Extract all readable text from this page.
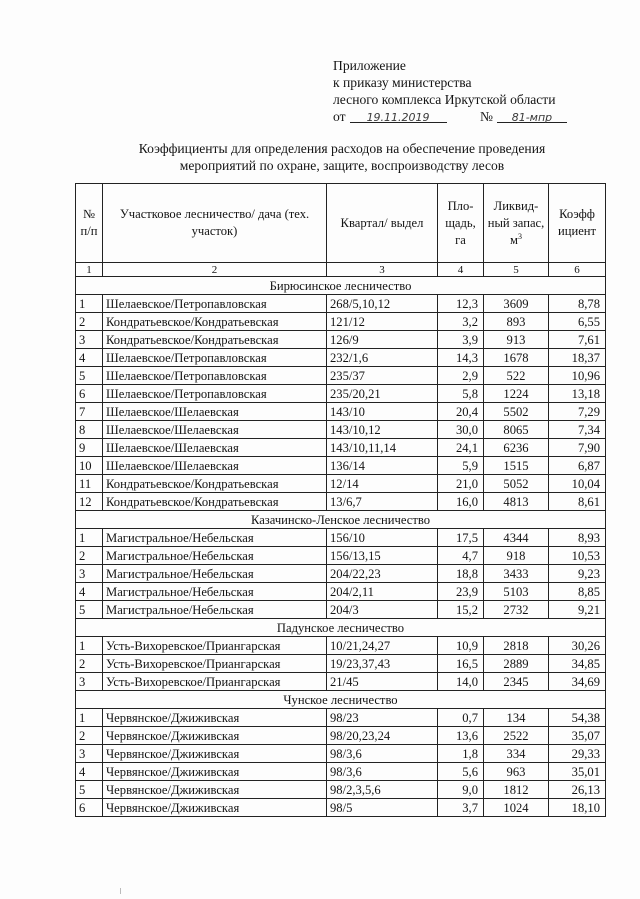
Приложение
к приказу министерства
лесного комплекса Иркутской области
от 19.11.2019	№ 81-мпр
Коэффициенты для определения расходов на обеспечение проведения
мероприятий по охране, защите, воспроизводству лесов
№ п/п	Участковое лесничество/ дача (тех. участок)	Квартал/ выдел	Пло-щадь, га	Ликвид-ный запас, $м^3$	Коэфф ициент
1	2	3	4	5	6
Бирюсинское лесничество					
1	Шелаевское/Петропавловская	268/5,10,12	12,3	3609	8,78
2	Кондратьевское/Кондратьевская	121/12	3,2	893	6,55
3	Кондратьевское/Кондратьевская	126/9	3,9	913	7,61
4	Шелаевское/Петропавловская	232/1,6	14,3	1678	18,37
5	Шелаевское/Петропавловская	235/37	2,9	522	10,96
6	Шелаевское/Петропавловская	235/20,21	5,8	1224	13,18
7	Шелаевское/Шелаевская	143/10	20,4	5502	7,29
8	Шелаевское/Шелаевская	143/10,12	30,0	8065	7,34
9	Шелаевское/Шелаевская	143/10,11,14	24,1	6236	7,90
10	Шелаевское/Шелаевская	136/14	5,9	1515	6,87
11	Кондратьевское/Кондратьевская	12/14	21,0	5052	10,04
12	Кондратьевское/Кондратьевская	13/6,7	16,0	4813	8,61
Казачинско-Ленское лесничество					
1	Магистральное/Небельская	156/10	17,5	4344	8,93
2	Магистральное/Небельская	156/13,15	4,7	918	10,53
3	Магистральное/Небельская	204/22,23	18,8	3433	9,23
4	Магистральное/Небельская	204/2,11	23,9	5103	8,85
5	Магистральное/Небельская	204/3	15,2	2732	9,21
Падунское лесничество					
1	Усть-Вихоревское/Приангарская	10/21,24,27	10,9	2818	30,26
2	Усть-Вихоревское/Приангарская	19/23,37,43	16,5	2889	34,85
3	Усть-Вихоревское/Приангарская	21/45	14,0	2345	34,69
Чунское лесничество					
1	Червянское/Джиживская	98/23	0,7	134	54,38
2	Червянское/Джиживская	98/20,23,24	13,6	2522	35,07
3	Червянское/Джиживская	98/3,6	1,8	334	29,33
4	Червянское/Джиживская	98/3,6	5,6	963	35,01
5	Червянское/Джиживская	98/2,3,5,6	9,0	1812	26,13
6	Червянское/Джиживская	98/5	3,7	1024	18,10
